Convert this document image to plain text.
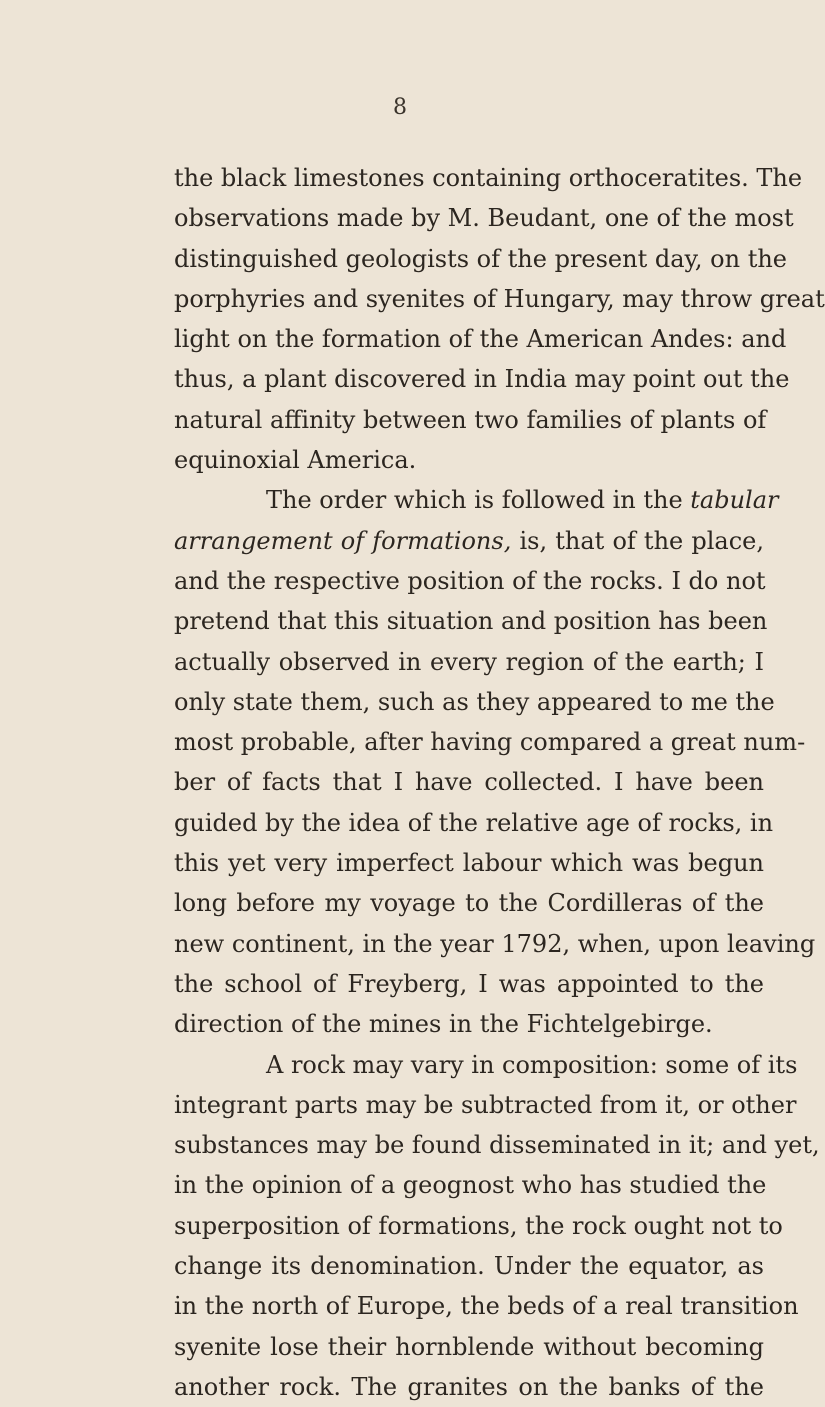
8
the black limestones containing orthoceratites. The
observations made by M. Beudant, one of the most
distinguished geologists of the present day, on the
porphyries and syenites of Hungary, may throw great
light on the formation of the American Andes: and
thus, a plant discovered in India may point out the
natural affinity between two families of plants of
equinoxial America.
The order which is followed in the tabular
arrangement of formations, is, that of the place,
and the respective position of the rocks. I do not
pretend that this situation and position has been
actually observed in every region of the earth; I
only state them, such as they appeared to me the
most probable, after having compared a great num-
ber of facts that I have collected. I have been
guided by the idea of the relative age of rocks, in
this yet very imperfect labour which was begun
long before my voyage to the Cordilleras of the
new continent, in the year 1792, when, upon leaving
the school of Freyberg, I was appointed to the
direction of the mines in the Fichtelgebirge.
A rock may vary in composition: some of its
integrant parts may be subtracted from it, or other
substances may be found disseminated in it; and yet,
in the opinion of a geognost who has studied the
superposition of formations, the rock ought not to
change its denomination. Under the equator, as
in the north of Europe, the beds of a real transition
syenite lose their hornblende without becoming
another rock. The granites on the banks of the
